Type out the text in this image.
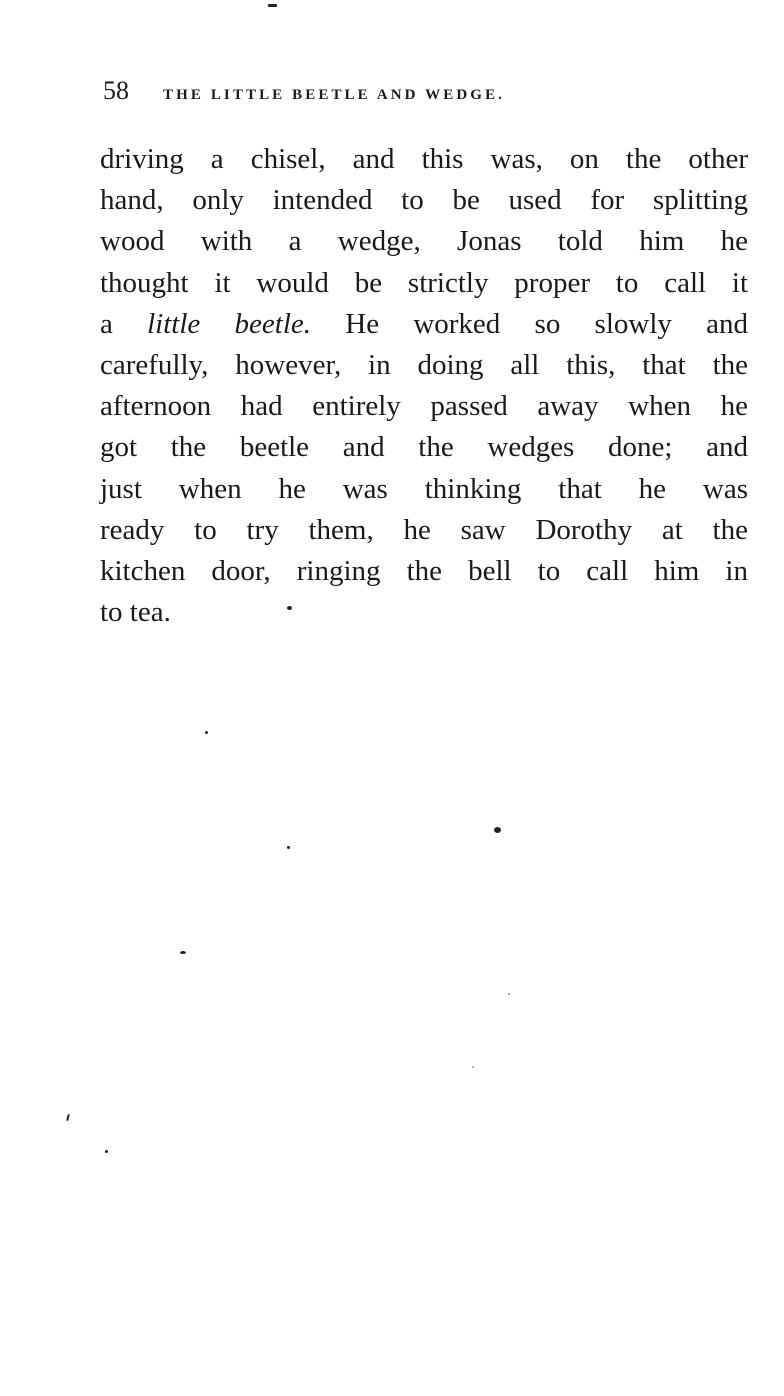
58 THE LITTLE BEETLE AND WEDGE.
driving a chisel, and this was, on the other
hand, only intended to be used for splitting
wood with a wedge, Jonas told him he
thought it would be strictly proper to call it
a little beetle. He worked so slowly and
carefully, however, in doing all this, that the
afternoon had entirely passed away when he
got the beetle and the wedges done; and
just when he was thinking that he was
ready to try them, he saw Dorothy at the
kitchen door, ringing the bell to call him in
to tea.
